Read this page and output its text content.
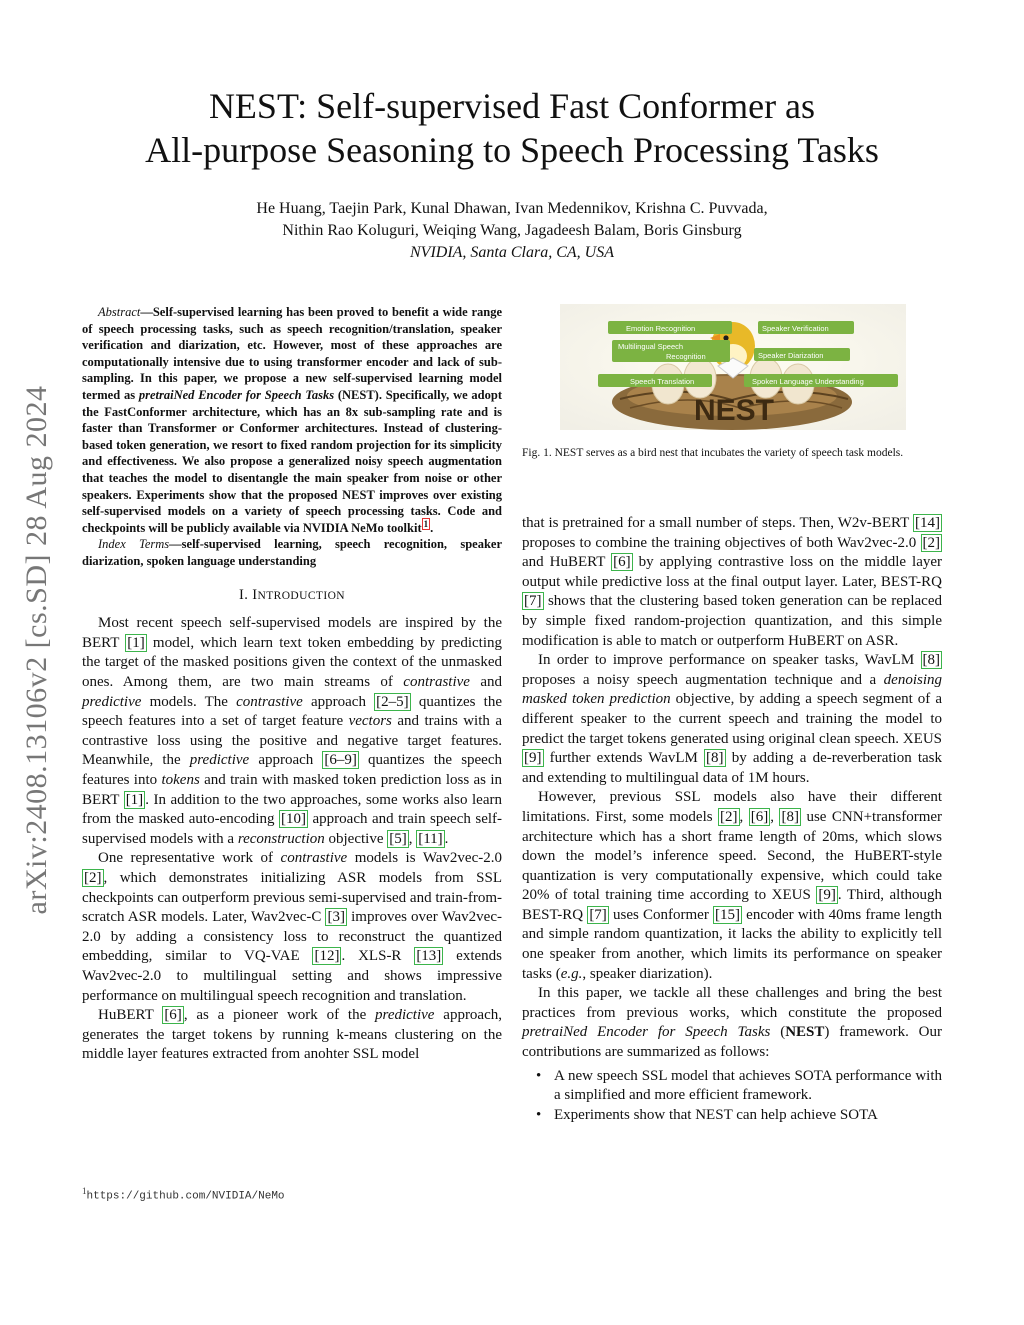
arXiv:2408.13106v2 [cs.SD] 28 Aug 2024
NEST: Self-supervised Fast Conformer as
All-purpose Seasoning to Speech Processing Tasks
He Huang, Taejin Park, Kunal Dhawan, Ivan Medennikov, Krishna C. Puvvada,
Nithin Rao Koluguri, Weiqing Wang, Jagadeesh Balam, Boris Ginsburg
NVIDIA, Santa Clara, CA, USA

Abstract—Self-supervised learning has been proved to benefit a wide range of speech processing tasks, such as speech recognition/translation, speaker verification and diarization, etc. However, most of these approaches are computationally intensive due to using transformer encoder and lack of sub-sampling. In this paper, we propose a new self-supervised learning model termed as pretraiNed Encoder for Speech Tasks (NEST). Specifically, we adopt the FastConformer architecture, which has an 8x sub-sampling rate and is faster than Transformer or Conformer architectures. Instead of clustering-based token generation, we resort to fixed random projection for its simplicity and effectiveness. We also propose a generalized noisy speech augmentation that teaches the model to disentangle the main speaker from noise or other speakers. Experiments show that the proposed NEST improves over existing self-supervised models on a variety of speech processing tasks. Code and checkpoints will be publicly available via NVIDIA NeMo toolkit $^1$ .

Index Terms—self-supervised learning, speech recognition, speaker diarization, spoken language understanding

I. INTRODUCTION

Most recent speech self-supervised models are inspired by the BERT [1] model, which learn text token embedding by predicting the target of the masked positions given the context of the unmasked ones. Among them, are two main streams of contrastive and predictive models. The contrastive approach [2–5] quantizes the speech features into a set of target feature vectors and trains with a contrastive loss using the positive and negative target features. Meanwhile, the predictive approach [6–9] quantizes the speech features into tokens and train with masked token prediction loss as in BERT [1] . In addition to the two approaches, some works also learn from the masked auto-encoding [10] approach and train speech self-supervised models with a reconstruction objective [5] , [11] .

One representative work of contrastive models is Wav2vec-2.0 [2] , which demonstrates initializing ASR models from SSL checkpoints can outperform previous semi-supervised and train-from-scratch ASR models. Later, Wav2vec-C [3] improves over Wav2vec-2.0 by adding a consistency loss to reconstruct the quantized embedding, similar to VQ-VAE [12] . XLS-R [13] extends Wav2vec-2.0 to multilingual setting and shows impressive performance on multilingual speech recognition and translation.

HuBERT [6] , as a pioneer work of the predictive approach, generates the target tokens by running k-means clustering on the middle layer features extracted from anohter SSL model

$^1$https://github.com/NVIDIA/NeMo
Emotion Recognition	Speaker Verification
Multilingual Speech
Recognition	Speaker Diarization
Speech Translation	Spoken Language Understanding
NEST
Fig. 1. NEST serves as a bird nest that incubates the variety of speech task models.

that is pretrained for a small number of steps. Then, W2v-BERT [14] proposes to combine the training objectives of both Wav2vec-2.0 [2] and HuBERT [6] by applying contrastive loss on the middle layer output while predictive loss at the final output layer. Later, BEST-RQ [7] shows that the clustering based token generation can be replaced by simple fixed random-projection quantization, and this simple modification is able to match or outperform HuBERT on ASR.

In order to improve performance on speaker tasks, WavLM [8] proposes a noisy speech augmentation technique and a denoising masked token prediction objective, by adding a speech segment of a different speaker to the current speech and training the model to predict the target tokens generated using original clean speech. XEUS [9] further extends WavLM [8] by adding a de-reverberation task and extending to multilingual data of 1M hours.

However, previous SSL models also have their different limitations. First, some models [2] , [6] , [8] use CNN+transformer architecture which has a short frame length of 20ms, which slows down the model’s inference speed. Second, the HuBERT-style quantization is very computationally expensive, which could take 20% of total training time according to XEUS [9] . Third, although BEST-RQ [7] uses Conformer [15] encoder with 40ms frame length and simple random quantization, it lacks the ability to explicitly tell one speaker from another, which limits its performance on speaker tasks (e.g., speaker diarization).

In this paper, we tackle all these challenges and bring the best practices from previous works, which constitute the proposed pretraiNed Encoder for Speech Tasks (NEST) framework. Our contributions are summarized as follows:

• A new speech SSL model that achieves SOTA performance with a simplified and more efficient framework.
• Experiments show that NEST can help achieve SOTA
